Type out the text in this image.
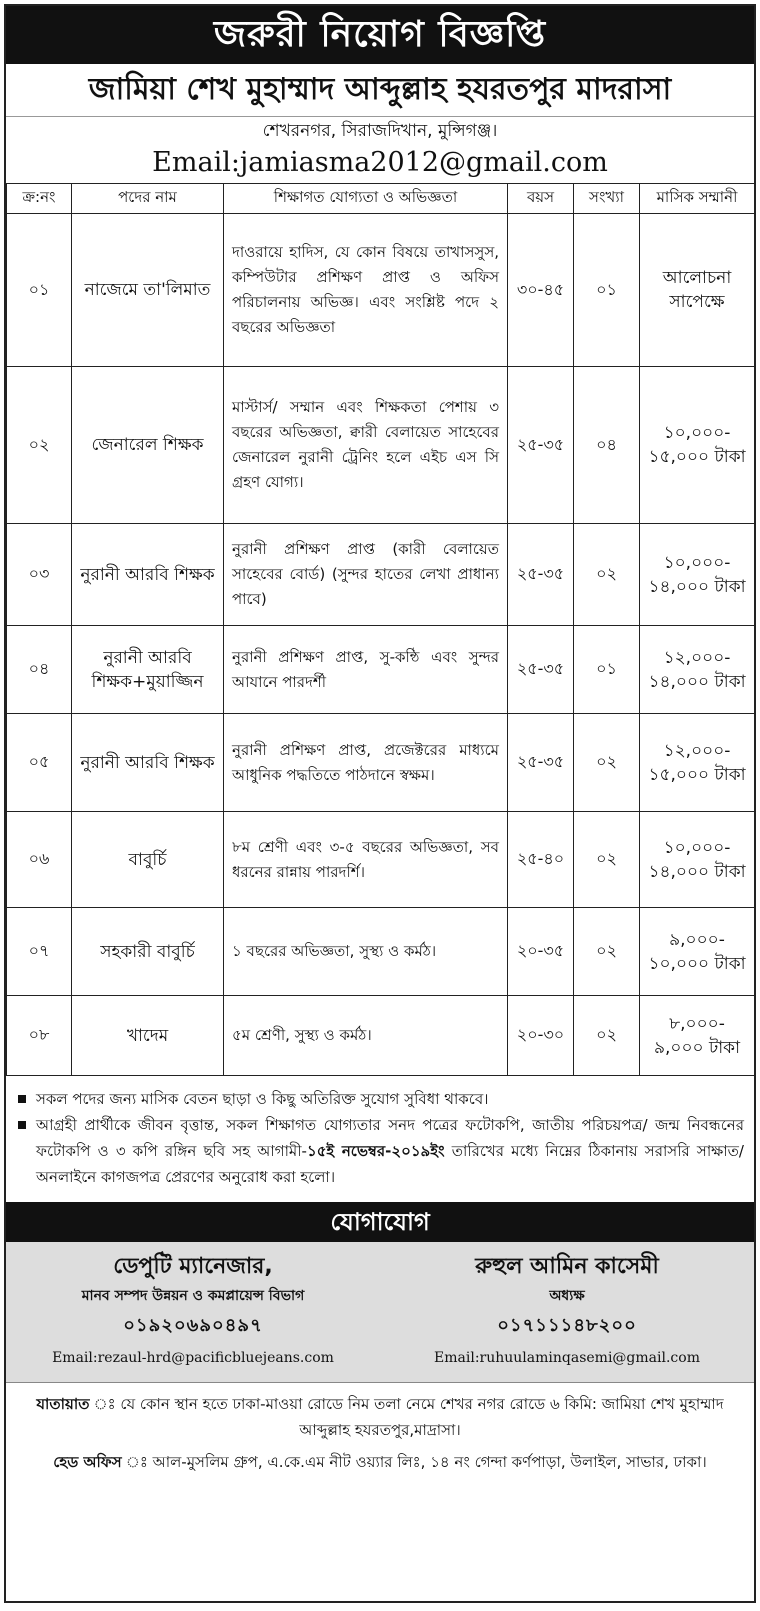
জরুরী নিয়োগ বিজ্ঞপ্তি
জামিয়া শেখ মুহাম্মাদ আব্দুল্লাহ হযরতপুর মাদরাসা
শেখরনগর, সিরাজদিখান, মুন্সিগঞ্জ।
Email:jamiasma2012@gmail.com
ক্র:নং	পদের নাম	শিক্ষাগত যোগ্যতা ও অভিজ্ঞতা	বয়স	সংখ্যা	মাসিক সম্মানী
০১	নাজেমে তা'লিমাত	দাওরায়ে হাদিস, যে কোন বিষয়ে তাখাসসুস, কম্পিউটার প্রশিক্ষণ প্রাপ্ত ও অফিস পরিচালনায় অভিজ্ঞ। এবং সংশ্লিষ্ট পদে ২ বছরের অভিজ্ঞতা	৩০-৪৫	০১	আলোচনা সাপেক্ষে
০২	জেনারেল শিক্ষক	মাস্টার্স/ সম্মান এবং শিক্ষকতা পেশায় ৩ বছরের অভিজ্ঞতা, ক্বারী বেলায়েত সাহেবের জেনারেল নুরানী ট্রেনিং হলে এইচ এস সি গ্রহণ যোগ্য।	২৫-৩৫	০৪	১০,০০০- ১৫,০০০ টাকা
০৩	নুরানী আরবি শিক্ষক	নুরানী প্রশিক্ষণ প্রাপ্ত (কারী বেলায়েত সাহেবের বোর্ড) (সুন্দর হাতের লেখা প্রাধান্য পাবে)	২৫-৩৫	০২	১০,০০০- ১৪,০০০ টাকা
০৪	নুরানী আরবি শিক্ষক+মুয়াজ্জিন	নুরানী প্রশিক্ষণ প্রাপ্ত, সু-কন্ঠি এবং সুন্দর আযানে পারদর্শী	২৫-৩৫	০১	১২,০০০- ১৪,০০০ টাকা
০৫	নুরানী আরবি শিক্ষক	নুরানী প্রশিক্ষণ প্রাপ্ত, প্রজেক্টরের মাধ্যমে আধুনিক পদ্ধতিতে পাঠদানে স্বক্ষম।	২৫-৩৫	০২	১২,০০০- ১৫,০০০ টাকা
০৬	বাবুর্চি	৮ম শ্রেণী এবং ৩-৫ বছরের অভিজ্ঞতা, সব ধরনের রান্নায় পারদর্শি।	২৫-৪০	০২	১০,০০০- ১৪,০০০ টাকা
০৭	সহকারী বাবুর্চি	১ বছরের অভিজ্ঞতা, সুস্থ্য ও কর্মঠ।	২০-৩৫	০২	৯,০০০- ১০,০০০ টাকা
০৮	খাদেম	৫ম শ্রেণী, সুস্থ্য ও কর্মঠ।	২০-৩০	০২	৮,০০০- ৯,০০০ টাকা
সকল পদের জন্য মাসিক বেতন ছাড়া ও কিছু অতিরিক্ত সুযোগ সুবিধা থাকবে।
আগ্রহী প্রার্থীকে জীবন বৃত্তান্ত, সকল শিক্ষাগত যোগ্যতার সনদ পত্রের ফটোকপি, জাতীয় পরিচয়পত্র/ জন্ম নিবন্ধনের ফটোকপি ও ৩ কপি রঙ্গিন ছবি সহ আগামী-১৫ই নভেম্বর-২০১৯ইং তারিখের মধ্যে নিম্নের ঠিকানায় সরাসরি সাক্ষাত/ অনলাইনে কাগজপত্র প্রেরণের অনুরোধ করা হলো।
যোগাযোগ
ডেপুটি ম্যানেজার,
মানব সম্পদ উন্নয়ন ও কমপ্লায়েন্স বিভাগ
০১৯২০৬৯০৪৯৭
Email:rezaul-hrd@pacificbluejeans.com
রুহুল আমিন কাসেমী
অধ্যক্ষ
০১৭১১১৪৮২০০
Email:ruhuulaminqasemi@gmail.com
যাতায়াত ঃ যে কোন স্থান হতে ঢাকা-মাওয়া রোডে নিম তলা নেমে শেখর নগর রোডে ৬ কিমি: জামিয়া শেখ মুহাম্মাদ আব্দুল্লাহ হযরতপুর,মাদ্রাসা।
হেড অফিস ঃ আল-মুসলিম গ্রুপ, এ.কে.এম নীট ওয়্যার লিঃ, ১৪ নং গেন্দা কর্ণপাড়া, উলাইল, সাভার, ঢাকা।
